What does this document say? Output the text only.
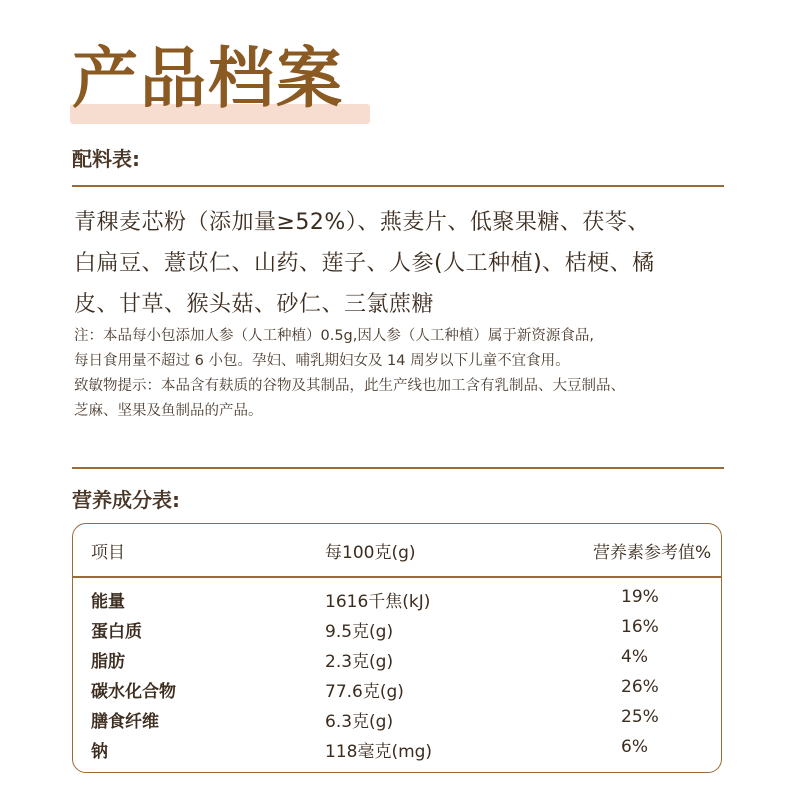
产品档案
配料表:
青稞麦芯粉（添加量≥52%）、燕麦片、低聚果糖、茯苓、
白扁豆、薏苡仁、山药、莲子、人参(人工种植)、桔梗、橘
皮、甘草、猴头菇、砂仁、三氯蔗糖

注：本品每小包添加人参（人工种植）0.5g,因人参（人工种植）属于新资源食品,

每日食用量不超过 6 小包。孕妇、哺乳期妇女及 14 周岁以下儿童不宜食用。

致敏物提示：本品含有麸质的谷物及其制品，此生产线也加工含有乳制品、大豆制品、

芝麻、坚果及鱼制品的产品。

营养成分表:
项目	每100克(g)	营养素参考值%
能量	1616千焦(kJ)	19%
蛋白质	9.5克(g)	16%
脂肪	2.3克(g)	4%
碳水化合物	77.6克(g)	26%
膳食纤维	6.3克(g)	25%
钠	118毫克(mg)	6%
